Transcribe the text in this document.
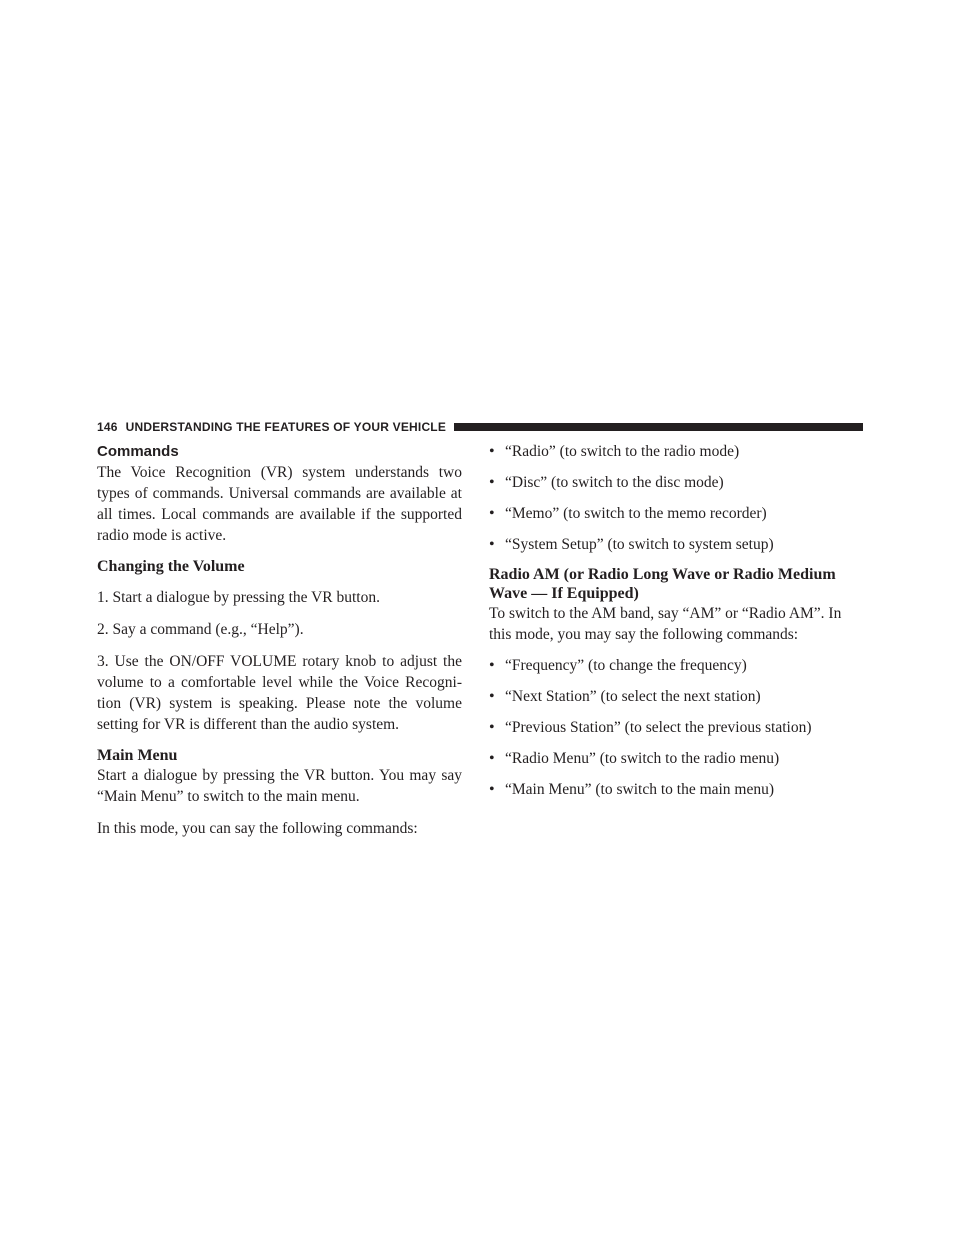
146 UNDERSTANDING THE FEATURES OF YOUR VEHICLE
Commands

The Voice Recognition (VR) system understands two types of commands. Universal commands are available at all times. Local commands are available if the supported radio mode is active.

Changing the Volume

1. Start a dialogue by pressing the VR button.

2. Say a command (e.g., “Help”).

3. Use the ON/OFF VOLUME rotary knob to adjust the volume to a comfortable level while the Voice Recogni-tion (VR) system is speaking. Please note the volume setting for VR is different than the audio system.

Main Menu

Start a dialogue by pressing the VR button. You may say “Main Menu” to switch to the main menu.

In this mode, you can say the following commands:

• “Radio” (to switch to the radio mode)
• “Disc” (to switch to the disc mode)
• “Memo” (to switch to the memo recorder)
• “System Setup” (to switch to system setup)
Radio AM (or Radio Long Wave or Radio Medium Wave — If Equipped)

To switch to the AM band, say “AM” or “Radio AM”. In this mode, you may say the following commands:

• “Frequency” (to change the frequency)
• “Next Station” (to select the next station)
• “Previous Station” (to select the previous station)
• “Radio Menu” (to switch to the radio menu)
• “Main Menu” (to switch to the main menu)
